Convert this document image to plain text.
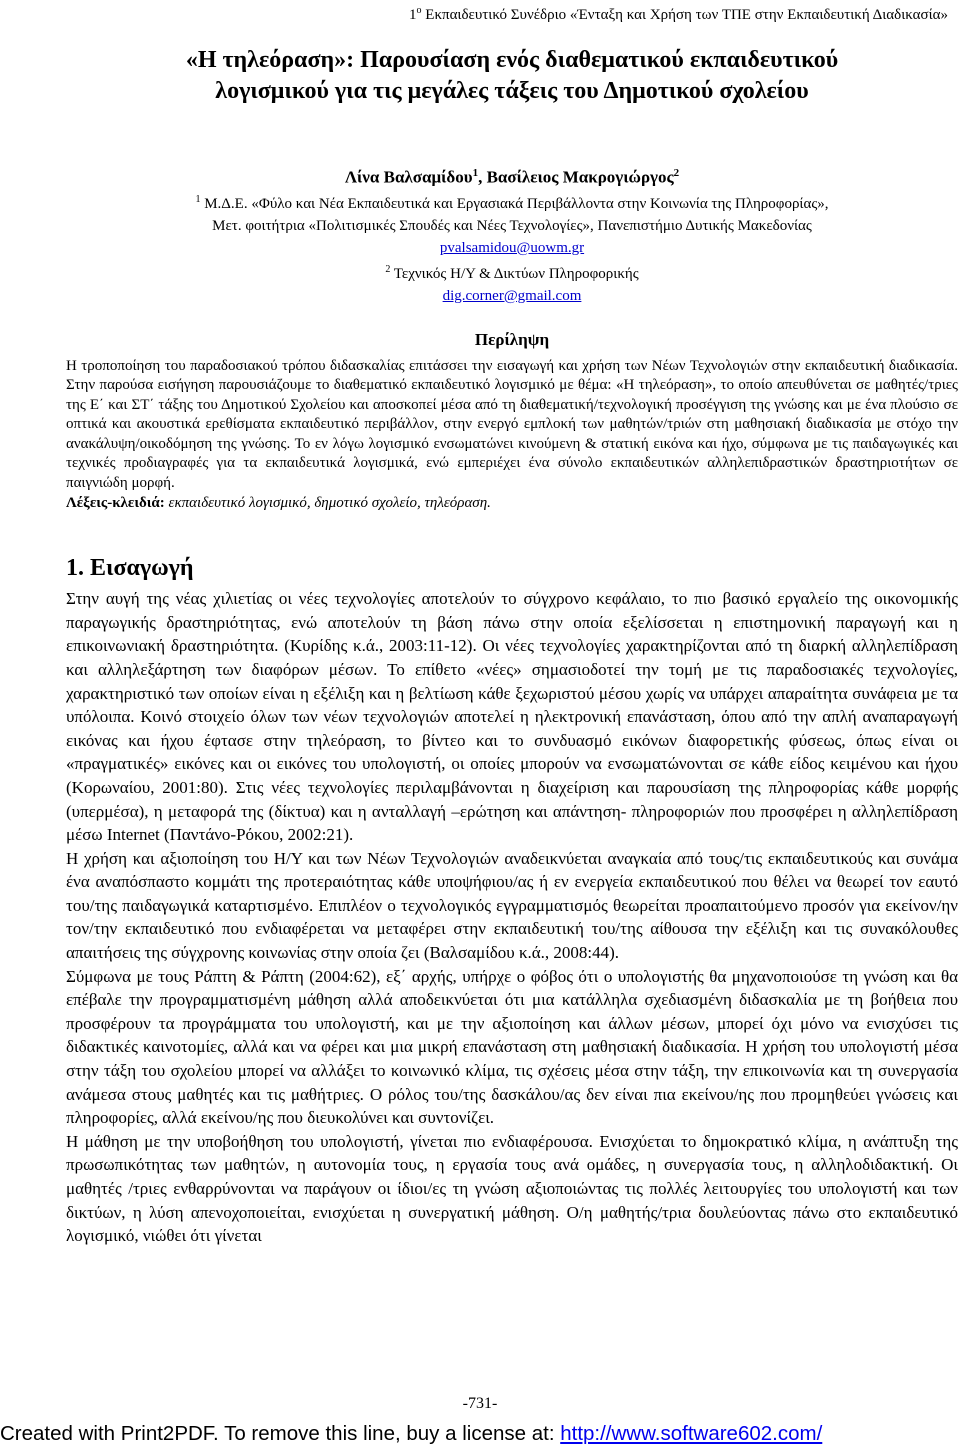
$1^o$ Εκπαιδευτικό Συνέδριο «Ένταξη και Χρήση των ΤΠΕ στην Εκπαιδευτική Διαδικασία»
«Η τηλεόραση»: Παρουσίαση ενός διαθεματικού εκπαιδευτικού
λογισμικού για τις μεγάλες τάξεις του Δημοτικού σχολείου
Λίνα Βαλσαμίδου$^1$, Βασίλειος Μακρογιώργος$^2$
$^1$ Μ.Δ.Ε. «Φύλο και Νέα Εκπαιδευτικά και Εργασιακά Περιβάλλοντα στην Κοινωνία της Πληροφορίας»,
Μετ. φοιτήτρια «Πολιτισμικές Σπουδές και Νέες Τεχνολογίες», Πανεπιστήμιο Δυτικής Μακεδονίας
pvalsamidou@uowm.gr
$^2$ Τεχνικός Η/Υ & Δικτύων Πληροφορικής
dig.corner@gmail.com
Περίληψη
Η τροποποίηση του παραδοσιακού τρόπου διδασκαλίας επιτάσσει την εισαγωγή και χρήση των Νέων Τεχνολογιών στην εκπαιδευτική διαδικασία. Στην παρούσα εισήγηση παρουσιάζουμε το διαθεματικό εκπαιδευτικό λογισμικό με θέμα: «Η τηλεόραση», το οποίο απευθύνεται σε μαθητές/τριες της Ε΄ και ΣΤ΄ τάξης του Δημοτικού Σχολείου και αποσκοπεί μέσα από τη διαθεματική/τεχνολογική προσέγγιση της γνώσης και με ένα πλούσιο σε οπτικά και ακουστικά ερεθίσματα εκπαιδευτικό περιβάλλον, στην ενεργό εμπλοκή των μαθητών/τριών στη μαθησιακή διαδικασία με στόχο την ανακάλυψη/οικοδόμηση της γνώσης. Το εν λόγω λογισμικό ενσωματώνει κινούμενη & στατική εικόνα και ήχο, σύμφωνα με τις παιδαγωγικές και τεχνικές προδιαγραφές για τα εκπαιδευτικά λογισμικά, ενώ εμπεριέχει ένα σύνολο εκπαιδευτικών αλληλεπιδραστικών δραστηριοτήτων σε παιγνιώδη μορφή.
Λέξεις-κλειδιά: εκπαιδευτικό λογισμικό, δημοτικό σχολείο, τηλεόραση.
1. Εισαγωγή

Στην αυγή της νέας χιλιετίας οι νέες τεχνολογίες αποτελούν το σύγχρονο κεφάλαιο, το πιο βασικό εργαλείο της οικονομικής παραγωγικής δραστηριότητας, ενώ αποτελούν τη βάση πάνω στην οποία εξελίσσεται η επιστημονική παραγωγή και η επικοινωνιακή δραστηριότητα. (Κυρίδης κ.ά., 2003:11-12). Οι νέες τεχνολογίες χαρακτηρίζονται από τη διαρκή αλληλεπίδραση και αλληλεξάρτηση των διαφόρων μέσων. Το επίθετο «νέες» σημασιοδοτεί την τομή με τις παραδοσιακές τεχνολογίες, χαρακτηριστικό των οποίων είναι η εξέλιξη και η βελτίωση κάθε ξεχωριστού μέσου χωρίς να υπάρχει απαραίτητα συνάφεια με τα υπόλοιπα. Κοινό στοιχείο όλων των νέων τεχνολογιών αποτελεί η ηλεκτρονική επανάσταση, όπου από την απλή αναπαραγωγή εικόνας και ήχου έφτασε στην τηλεόραση, το βίντεο και το συνδυασμό εικόνων διαφορετικής φύσεως, όπως είναι οι «πραγματικές» εικόνες και οι εικόνες του υπολογιστή, οι οποίες μπορούν να ενσωματώνονται σε κάθε είδος κειμένου και ήχου (Κορωναίου, 2001:80). Στις νέες τεχνολογίες περιλαμβάνονται η διαχείριση και παρουσίαση της πληροφορίας κάθε μορφής (υπερμέσα), η μεταφορά της (δίκτυα) και η ανταλλαγή –ερώτηση και απάντηση- πληροφοριών που προσφέρει η αλληλεπίδραση μέσω Internet (Παντάνο-Ρόκου, 2002:21).

Η χρήση και αξιοποίηση του Η/Υ και των Νέων Τεχνολογιών αναδεικνύεται αναγκαία από τους/τις εκπαιδευτικούς και συνάμα ένα αναπόσπαστο κομμάτι της προτεραιότητας κάθε υποψήφιου/ας ή εν ενεργεία εκπαιδευτικού που θέλει να θεωρεί τον εαυτό του/της παιδαγωγικά καταρτισμένο. Επιπλέον ο τεχνολογικός εγγραμματισμός θεωρείται προαπαιτούμενο προσόν για εκείνον/ην τον/την εκπαιδευτικό που ενδιαφέρεται να μεταφέρει στην εκπαιδευτική του/της αίθουσα την εξέλιξη και τις συνακόλουθες απαιτήσεις της σύγχρονης κοινωνίας στην οποία ζει (Βαλσαμίδου κ.ά., 2008:44).

Σύμφωνα με τους Ράπτη & Ράπτη (2004:62), εξ΄ αρχής, υπήρχε ο φόβος ότι ο υπολογιστής θα μηχανοποιούσε τη γνώση και θα επέβαλε την προγραμματισμένη μάθηση αλλά αποδεικνύεται ότι μια κατάλληλα σχεδιασμένη διδασκαλία με τη βοήθεια που προσφέρουν τα προγράμματα του υπολογιστή, και με την αξιοποίηση και άλλων μέσων, μπορεί όχι μόνο να ενισχύσει τις διδακτικές καινοτομίες, αλλά και να φέρει και μια μικρή επανάσταση στη μαθησιακή διαδικασία. Η χρήση του υπολογιστή μέσα στην τάξη του σχολείου μπορεί να αλλάξει το κοινωνικό κλίμα, τις σχέσεις μέσα στην τάξη, την επικοινωνία και τη συνεργασία ανάμεσα στους μαθητές και τις μαθήτριες. Ο ρόλος του/της δασκάλου/ας δεν είναι πια εκείνου/ης που προμηθεύει γνώσεις και πληροφορίες, αλλά εκείνου/ης που διευκολύνει και συντονίζει.

Η μάθηση με την υποβοήθηση του υπολογιστή, γίνεται πιο ενδιαφέρουσα. Ενισχύεται το δημοκρατικό κλίμα, η ανάπτυξη της πρωσωπικότητας των μαθητών, η αυτονομία τους, η εργασία τους ανά ομάδες, η συνεργασία τους, η αλληλοδιδακτική. Οι μαθητές /τριες ενθαρρύνονται να παράγουν οι ίδιοι/ες τη γνώση αξιοποιώντας τις πολλές λειτουργίες του υπολογιστή και των δικτύων, η λύση απενοχοποιείται, ενισχύεται η συνεργατική μάθηση. Ο/η μαθητής/τρια δουλεύοντας πάνω στο εκπαιδευτικό λογισμικό, νιώθει ότι γίνεται

-731-
Created with Print2PDF. To remove this line, buy a license at: http://www.software602.com/
